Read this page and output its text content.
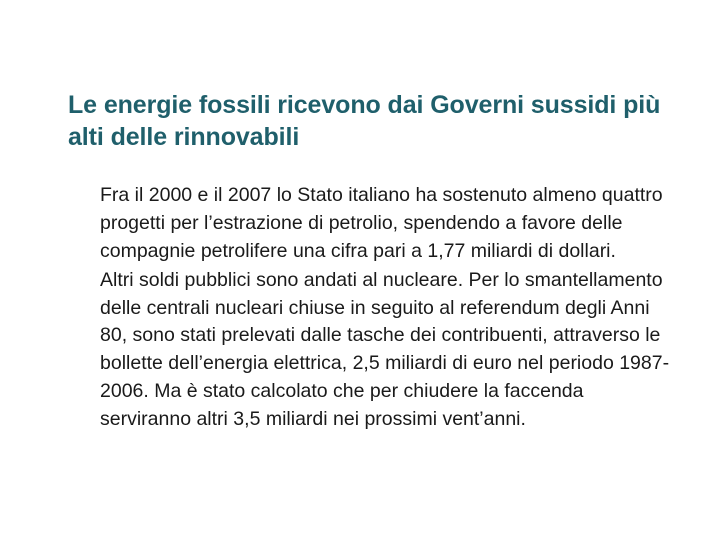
Le energie fossili ricevono dai Governi sussidi più alti delle rinnovabili

Fra il 2000 e il 2007 lo Stato italiano ha sostenuto almeno quattro progetti per l’estrazione di petrolio, spendendo a favore delle compagnie petrolifere una cifra pari a 1,77 miliardi di dollari.

Altri soldi pubblici sono andati al nucleare. Per lo smantellamento delle centrali nucleari chiuse in seguito al referendum degli Anni 80, sono stati prelevati dalle tasche dei contribuenti, attraverso le bollette dell’energia elettrica, 2,5 miliardi di euro nel periodo 1987-2006. Ma è stato calcolato che per chiudere la faccenda serviranno altri 3,5 miliardi nei prossimi vent’anni.
